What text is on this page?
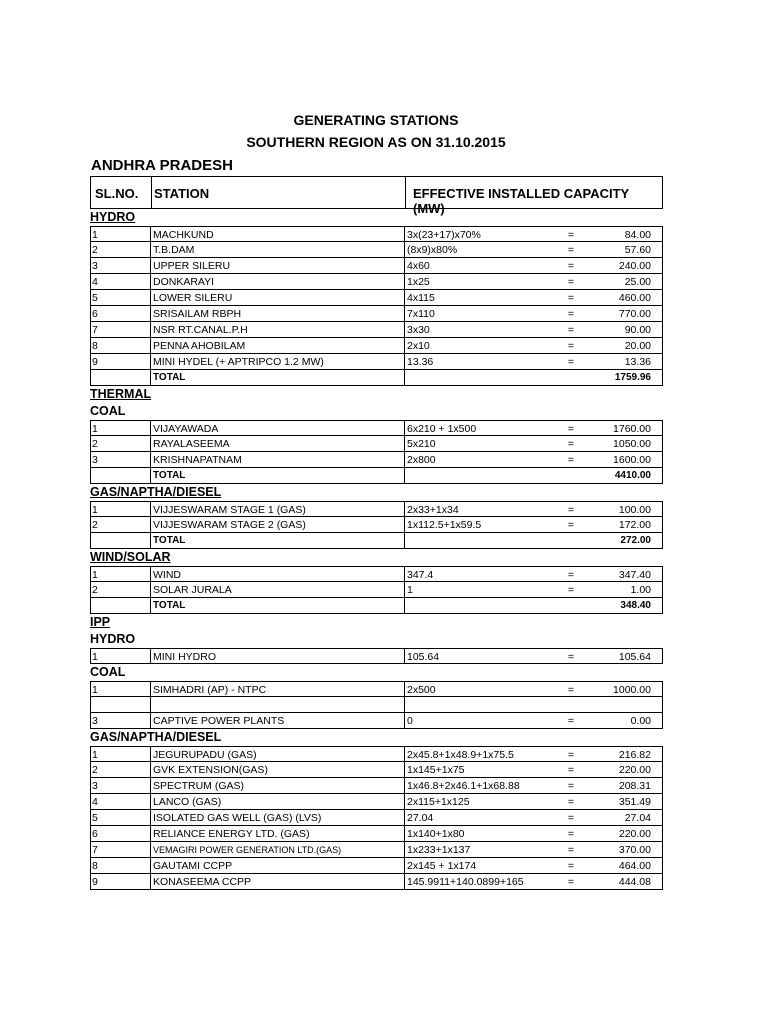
GENERATING STATIONS
SOUTHERN REGION AS ON 31.10.2015
ANDHRA PRADESH
SL.NO. STATION	EFFECTIVE INSTALLED CAPACITY (MW)
HYDRO
1	MACHKUND	3x(23+17)x70%	=	84.00
2	T.B.DAM	(8x9)x80%	=	57.60
3	UPPER SILERU	4x60	=	240.00
4	DONKARAYI	1x25	=	25.00
5	LOWER SILERU	4x115	=	460.00
6	SRISAILAM RBPH	7x110	=	770.00
7	NSR RT.CANAL.P.H	3x30	=	90.00
8	PENNA AHOBILAM	2x10	=	20.00
9	MINI HYDEL (+ APTRIPCO 1.2 MW)	13.36	=	13.36
TOTAL	1759.96
THERMAL
COAL
1	VIJAYAWADA	6x210 + 1x500	=	1760.00
2	RAYALASEEMA	5x210	=	1050.00
3	KRISHNAPATNAM	2x800	=	1600.00
TOTAL	4410.00
GAS/NAPTHA/DIESEL
1	VIJJESWARAM STAGE 1 (GAS)	2x33+1x34	=	100.00
2	VIJJESWARAM STAGE 2 (GAS)	1x112.5+1x59.5	=	172.00
TOTAL	272.00
WIND/SOLAR
1	WIND	347.4	=	347.40
2	SOLAR JURALA	1	=	1.00
TOTAL	348.40
IPP
HYDRO
1	MINI HYDRO	105.64	=	105.64
COAL
1	SIMHADRI (AP) - NTPC	2x500	=	1000.00
3	CAPTIVE POWER PLANTS	0	=	0.00
GAS/NAPTHA/DIESEL
1	JEGURUPADU (GAS)	2x45.8+1x48.9+1x75.5	=	216.82
2	GVK EXTENSION(GAS)	1x145+1x75	=	220.00
3	SPECTRUM (GAS)	1x46.8+2x46.1+1x68.88	=	208.31
4	LANCO (GAS)	2x115+1x125	=	351.49
5	ISOLATED GAS WELL (GAS) (LVS)	27.04	=	27.04
6	RELIANCE ENERGY LTD. (GAS)	1x140+1x80	=	220.00
7	VEMAGIRI POWER GENERATION LTD.(GAS)	1x233+1x137	=	370.00
8	GAUTAMI CCPP	2x145 + 1x174	=	464.00
9	KONASEEMA CCPP	145.9911+140.0899+165	=	444.08
